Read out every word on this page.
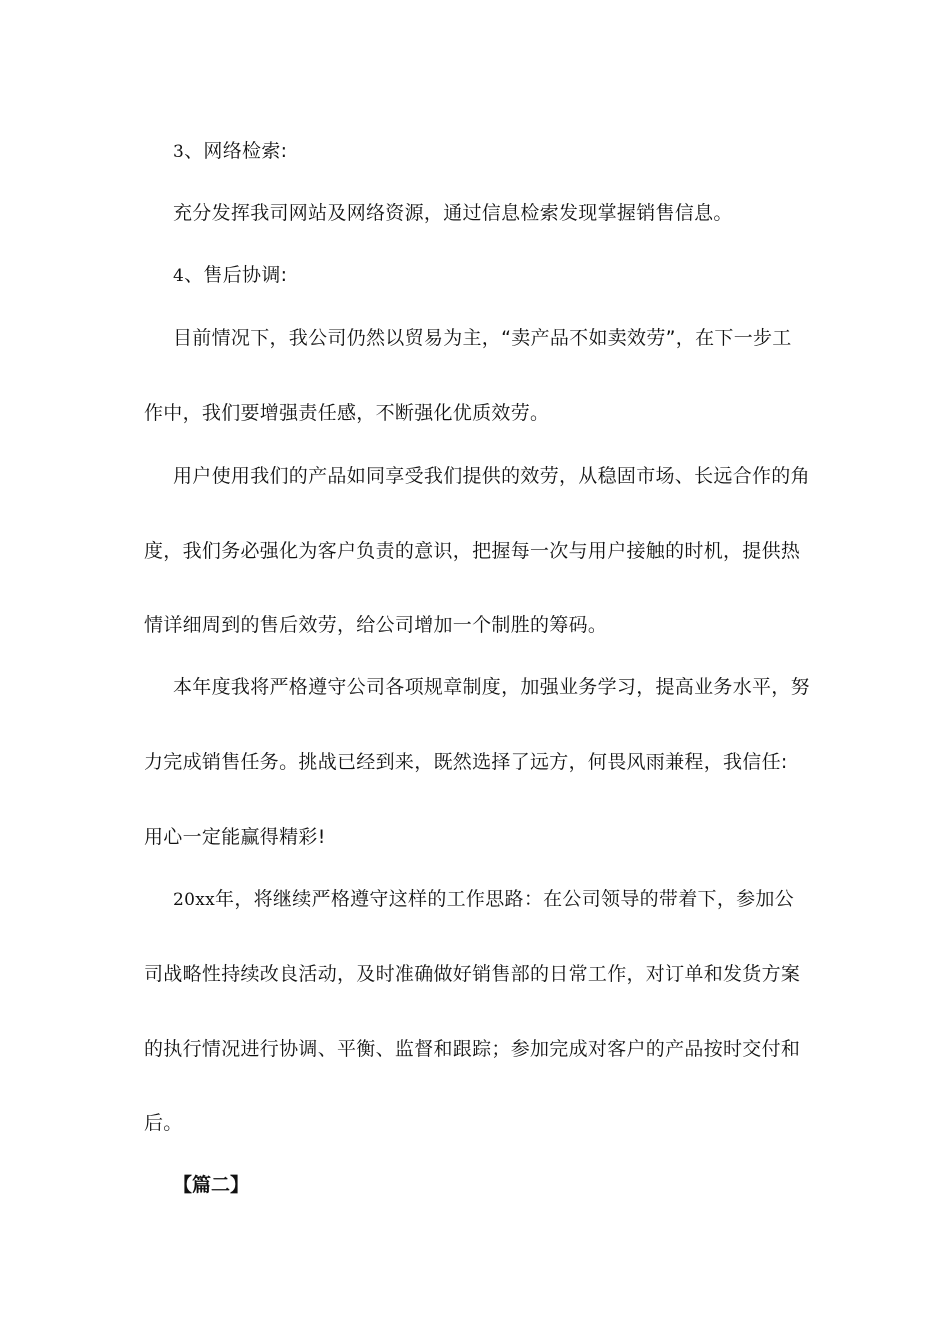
3、网络检索:
充分发挥我司网站及网络资源，通过信息检索发现掌握销售信息。
4、售后协调:
目前情况下，我公司仍然以贸易为主，“卖产品不如卖效劳”，在下一步工
作中，我们要增强责任感，不断强化优质效劳。
用户使用我们的产品如同享受我们提供的效劳，从稳固市场、长远合作的角
度，我们务必强化为客户负责的意识，把握每一次与用户接触的时机，提供热
情详细周到的售后效劳，给公司增加一个制胜的筹码。
本年度我将严格遵守公司各项规章制度，加强业务学习，提高业务水平，努
力完成销售任务。挑战已经到来，既然选择了远方，何畏风雨兼程，我信任:
用心一定能赢得精彩!
20xx年，将继续严格遵守这样的工作思路：在公司领导的带着下，参加公
司战略性持续改良活动，及时准确做好销售部的日常工作，对订单和发货方案
的执行情况进行协调、平衡、监督和跟踪；参加完成对客户的产品按时交付和
后。
【篇二】
